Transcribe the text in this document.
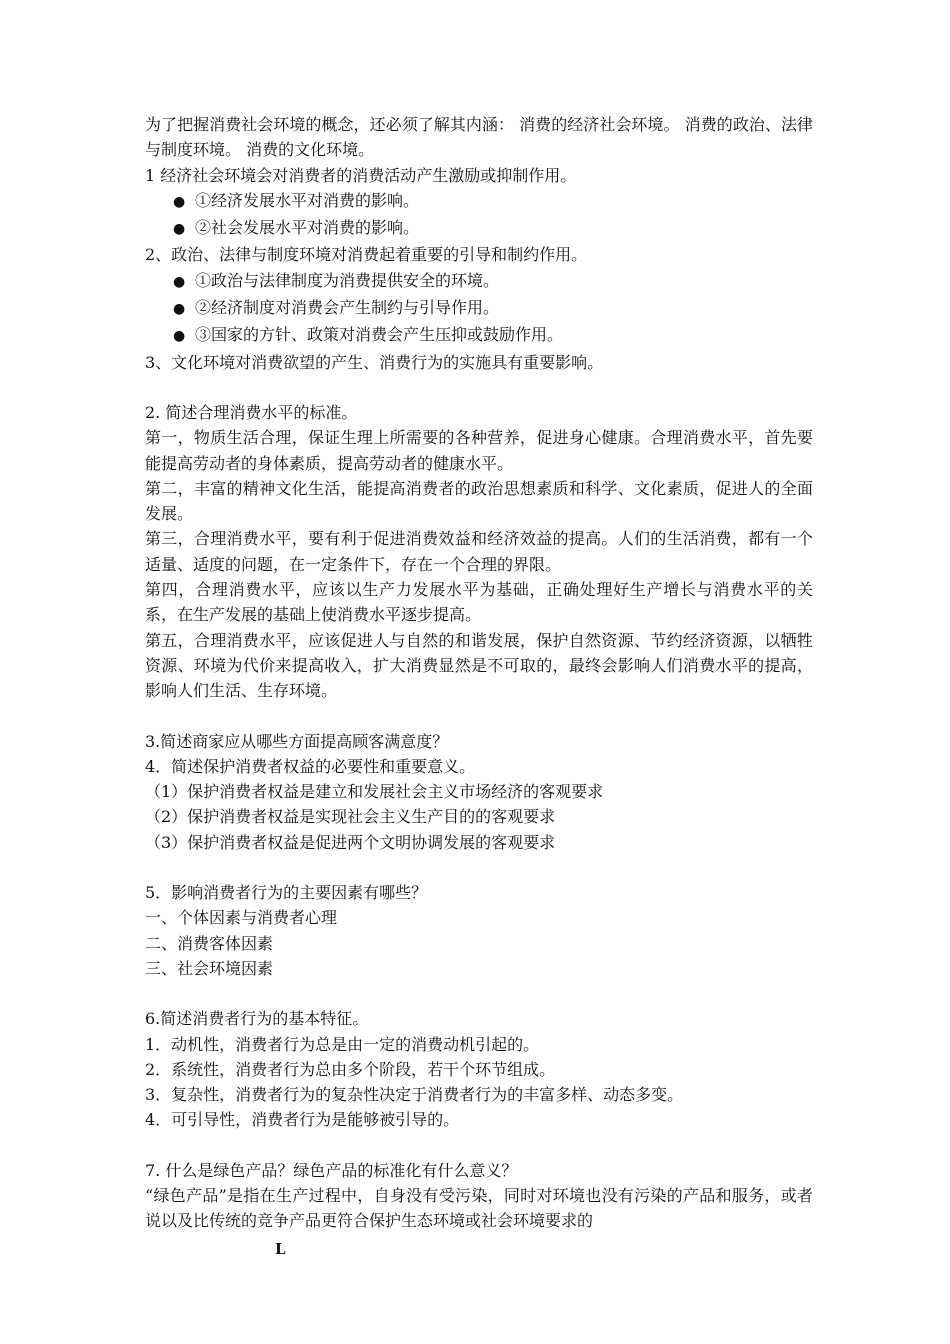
为了把握消费社会环境的概念，还必须了解其内涵： 消费的经济社会环境。 消费的政治、法律与制度环境。 消费的文化环境。

1 经济社会环境会对消费者的消费活动产生激励或抑制作用。

● ①经济发展水平对消费的影响。

● ②社会发展水平对消费的影响。

2、政治、法律与制度环境对消费起着重要的引导和制约作用。

● ①政治与法律制度为消费提供安全的环境。

● ②经济制度对消费会产生制约与引导作用。

● ③国家的方针、政策对消费会产生压抑或鼓励作用。

3、文化环境对消费欲望的产生、消费行为的实施具有重要影响。

2. 简述合理消费水平的标准。

第一，物质生活合理，保证生理上所需要的各种营养，促进身心健康。合理消费水平，首先要能提高劳动者的身体素质，提高劳动者的健康水平。

第二，丰富的精神文化生活，能提高消费者的政治思想素质和科学、文化素质，促进人的全面发展。

第三，合理消费水平，要有利于促进消费效益和经济效益的提高。人们的生活消费，都有一个适量、适度的问题，在一定条件下，存在一个合理的界限。

第四，合理消费水平，应该以生产力发展水平为基础，正确处理好生产增长与消费水平的关系，在生产发展的基础上使消费水平逐步提高。

第五，合理消费水平，应该促进人与自然的和谐发展，保护自然资源、节约经济资源，以牺牲资源、环境为代价来提高收入，扩大消费显然是不可取的，最终会影响人们消费水平的提高，影响人们生活、生存环境。

3.简述商家应从哪些方面提高顾客满意度？

4．简述保护消费者权益的必要性和重要意义。

（1）保护消费者权益是建立和发展社会主义市场经济的客观要求

（2）保护消费者权益是实现社会主义生产目的的客观要求

（3）保护消费者权益是促进两个文明协调发展的客观要求

5．影响消费者行为的主要因素有哪些？

一、个体因素与消费者心理

二、消费客体因素

三、社会环境因素

6.简述消费者行为的基本特征。

1．动机性，消费者行为总是由一定的消费动机引起的。

2．系统性，消费者行为总由多个阶段，若干个环节组成。

3．复杂性，消费者行为的复杂性决定于消费者行为的丰富多样、动态多变。

4．可引导性，消费者行为是能够被引导的。

7. 什么是绿色产品？绿色产品的标准化有什么意义？

“绿色产品”是指在生产过程中，自身没有受污染，同时对环境也没有污染的产品和服务，或者说以及比传统的竞争产品更符合保护生态环境或社会环境要求的

L
